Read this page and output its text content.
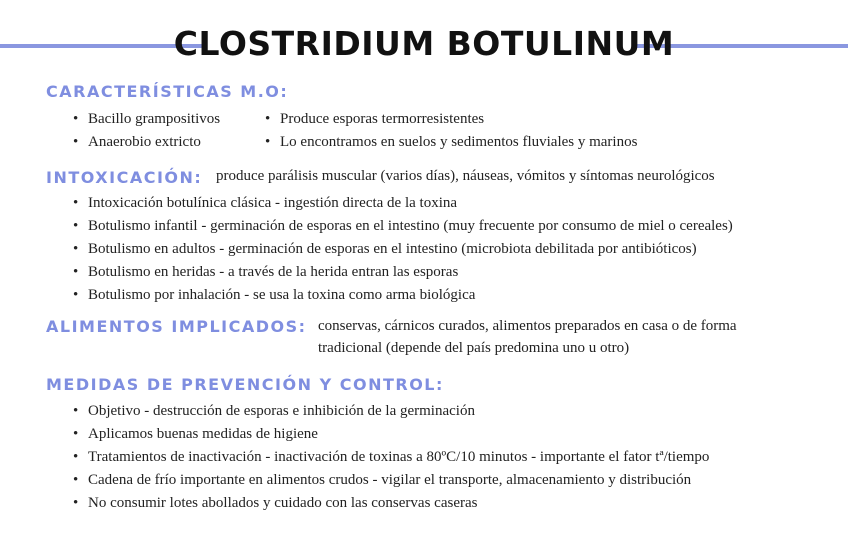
CLOSTRIDIUM BOTULINUM
CARACTERÍSTICAS M.O:
• Bacillo grampositivos
• Anaerobio extricto
• Produce esporas termorresistentes
• Lo encontramos en suelos y sedimentos fluviales y marinos
INTOXICACIÓN: produce parálisis muscular (varios días), náuseas, vómitos y síntomas neurológicos
• Intoxicación botulínica clásica - ingestión directa de la toxina
• Botulismo infantil - germinación de esporas en el intestino (muy frecuente por consumo de miel o cereales)
• Botulismo en adultos - germinación de esporas en el intestino (microbiota debilitada por antibióticos)
• Botulismo en heridas - a través de la herida entran las esporas
• Botulismo por inhalación - se usa la toxina como arma biológica
ALIMENTOS IMPLICADOS: conservas, cárnicos curados, alimentos preparados en casa o de forma
tradicional (depende del país predomina uno u otro)
MEDIDAS DE PREVENCIÓN Y CONTROL:
• Objetivo - destrucción de esporas e inhibición de la germinación
• Aplicamos buenas medidas de higiene
• Tratamientos de inactivación - inactivación de toxinas a 80ºC/10 minutos - importante el fator tª/tiempo
• Cadena de frío importante en alimentos crudos - vigilar el transporte, almacenamiento y distribución
• No consumir lotes abollados y cuidado con las conservas caseras
